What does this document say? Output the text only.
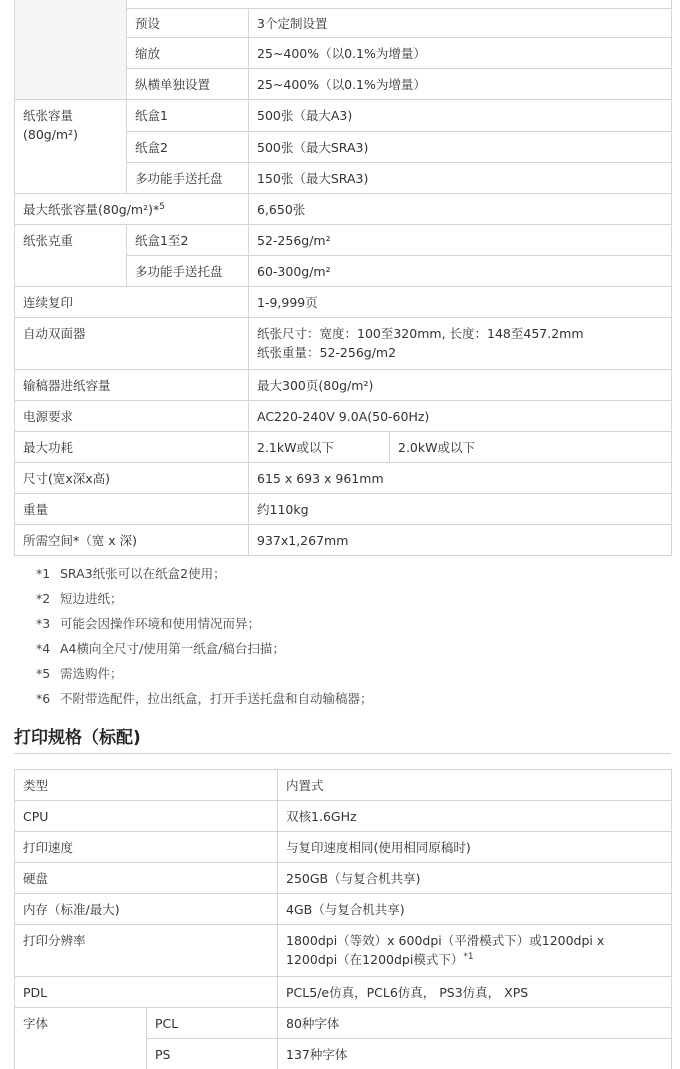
	预设	3个定制设置	
	缩放	25~400%（以0.1%为增量）	
	纵横单独设置	25~400%（以0.1%为增量）	

纸张容量
(80g/m²)	纸盒1	500张（最大A3)	
	纸盒2	500张（最大SRA3)	
	多功能手送托盘	150张（最大SRA3)	
最大纸张容量(80g/m²)*$^5$		6,650张	
纸张克重	纸盒1至2	52-256g/m²	
	多功能手送托盘	60-300g/m²	
连续复印		1-9,999页	
自动双面器		纸张尺寸：宽度：100至320mm, 长度：148至457.2mm
纸张重量：52-256g/m2	

输稿器进纸容量		最大300页(80g/m²)	
电源要求		AC220-240V 9.0A(50-60Hz)	
最大功耗		2.1kW或以下	2.0kW或以下
尺寸(宽x深x高)		615 x 693 x 961mm	
重量		约110kg	
所需空间*（宽 x 深)		937x1,267mm	
*1 SRA3纸张可以在纸盒2使用；
*2 短边进纸；
*3 可能会因操作环境和使用情况而异；
*4 A4横向全尺寸/使用第一纸盒/稿台扫描；
*5 需选购件；
*6 不附带选配件，拉出纸盒，打开手送托盘和自动输稿器；
打印规格（标配)
类型		内置式
CPU		双核1.6GHz
打印速度		与复印速度相同(使用相同原稿时)
硬盘		250GB（与复合机共享)
内存（标准/最大)		4GB（与复合机共享)
打印分辨率		1800dpi（等效）x 600dpi（平滑模式下）或1200dpi x
1200dpi（在1200dpi模式下）$^{*1}$

PDL		PCL5/e仿真，PCL6仿真， PS3仿真， XPS
字体	PCL	80种字体
	PS	137种字体
